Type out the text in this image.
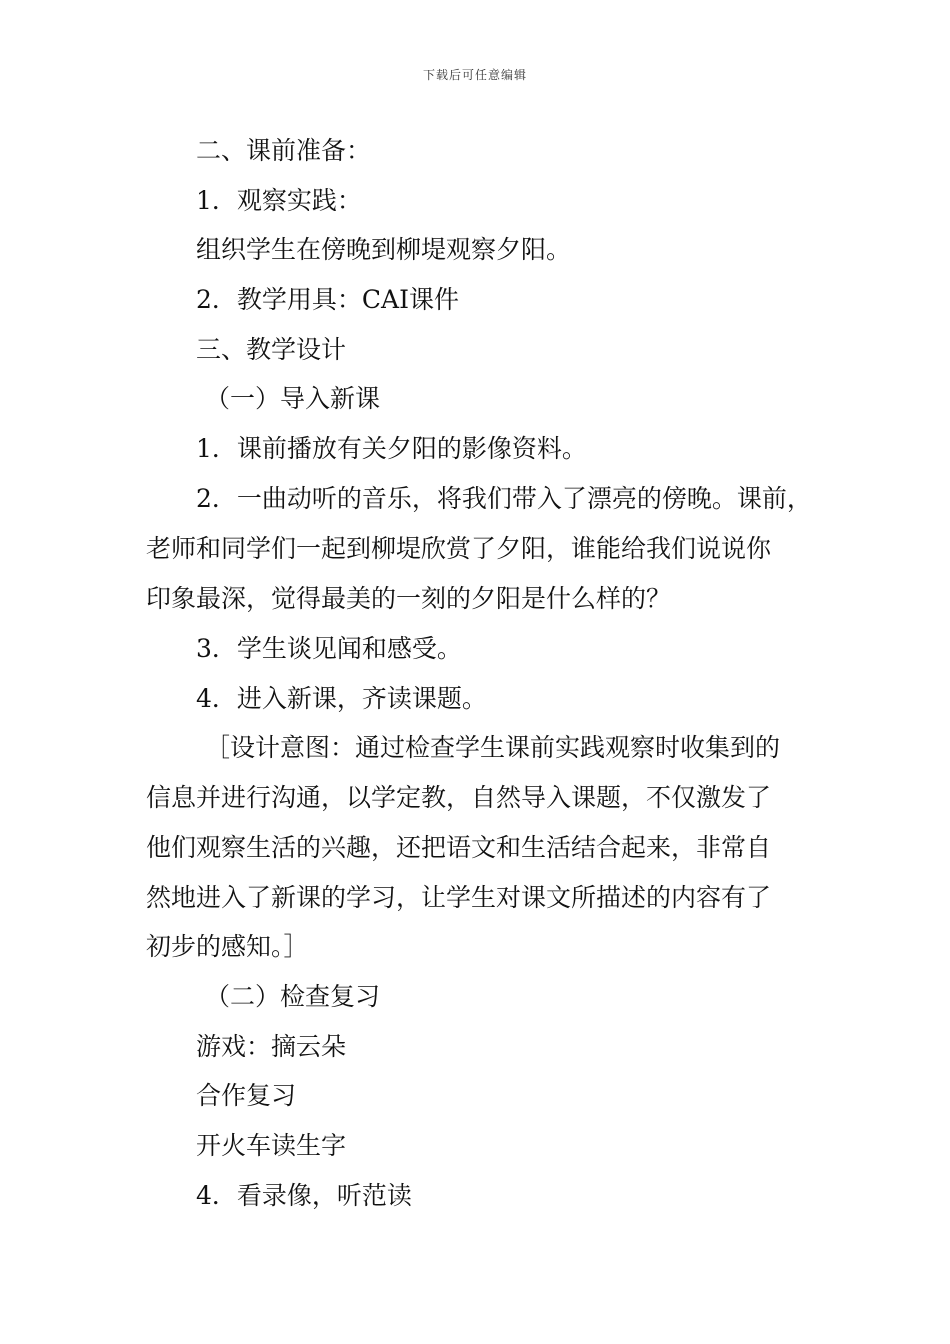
下载后可任意编辑
二、课前准备：
1．观察实践：
组织学生在傍晚到柳堤观察夕阳。
2．教学用具：CAI课件
三、教学设计
（一）导入新课
1．课前播放有关夕阳的影像资料。
2．一曲动听的音乐，将我们带入了漂亮的傍晚。课前，
老师和同学们一起到柳堤欣赏了夕阳，谁能给我们说说你
印象最深，觉得最美的一刻的夕阳是什么样的？
3．学生谈见闻和感受。
4．进入新课，齐读课题。
［设计意图：通过检查学生课前实践观察时收集到的
信息并进行沟通，以学定教，自然导入课题，不仅激发了
他们观察生活的兴趣，还把语文和生活结合起来，非常自
然地进入了新课的学习，让学生对课文所描述的内容有了
初步的感知。］
（二）检查复习
游戏：摘云朵
合作复习
开火车读生字
4．看录像，听范读
